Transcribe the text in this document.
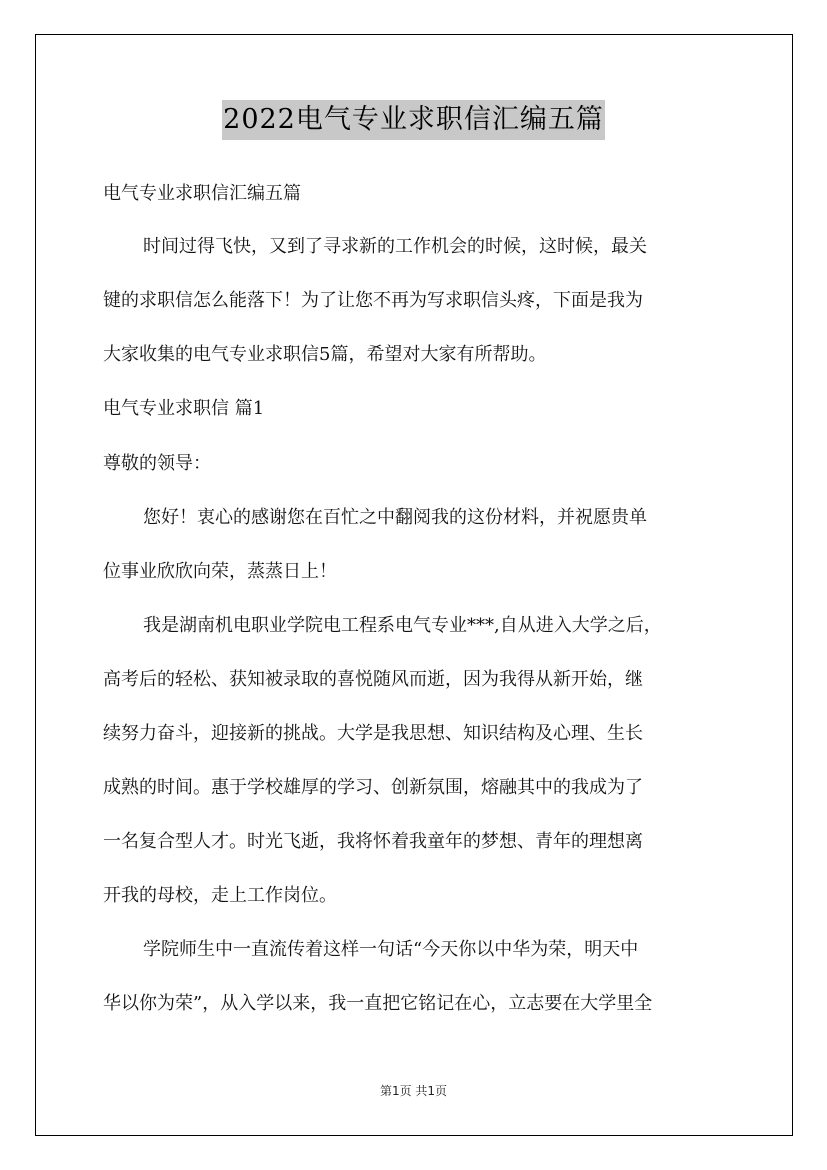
2022电气专业求职信汇编五篇
电气专业求职信汇编五篇
时间过得飞快，又到了寻求新的工作机会的时候，这时候，最关
键的求职信怎么能落下！为了让您不再为写求职信头疼，下面是我为
大家收集的电气专业求职信5篇，希望对大家有所帮助。
电气专业求职信 篇1
尊敬的领导：
您好！衷心的感谢您在百忙之中翻阅我的这份材料，并祝愿贵单
位事业欣欣向荣，蒸蒸日上！
我是湖南机电职业学院电工程系电气专业***,自从进入大学之后，
高考后的轻松、获知被录取的喜悦随风而逝，因为我得从新开始，继
续努力奋斗，迎接新的挑战。大学是我思想、知识结构及心理、生长
成熟的时间。惠于学校雄厚的学习、创新氛围，熔融其中的我成为了
一名复合型人才。时光飞逝，我将怀着我童年的梦想、青年的理想离
开我的母校，走上工作岗位。
学院师生中一直流传着这样一句话“今天你以中华为荣，明天中
华以你为荣”，从入学以来，我一直把它铭记在心，立志要在大学里全
第1页 共1页
